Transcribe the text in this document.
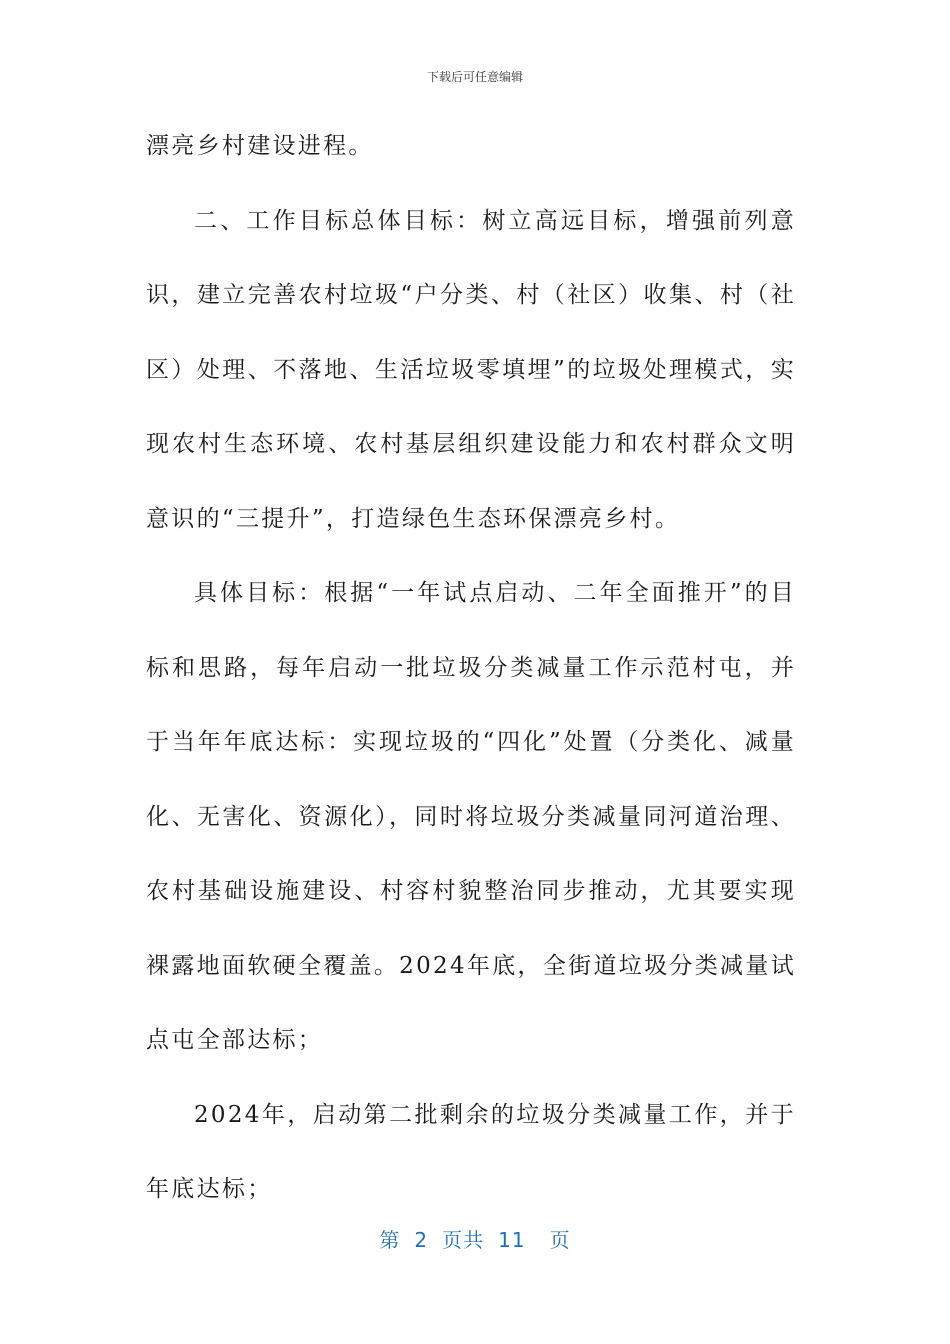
下载后可任意编辑

漂亮乡村建设进程。

二、工作目标总体目标：树立高远目标，增强前列意识，建立完善农村垃圾“户分类、村（社区）收集、村（社区）处理、不落地、生活垃圾零填埋”的垃圾处理模式，实现农村生态环境、农村基层组织建设能力和农村群众文明意识的“三提升”，打造绿色生态环保漂亮乡村。

具体目标：根据“一年试点启动、二年全面推开”的目标和思路，每年启动一批垃圾分类减量工作示范村屯，并于当年年底达标：实现垃圾的“四化”处置（分类化、减量化、无害化、资源化），同时将垃圾分类减量同河道治理、农村基础设施建设、村容村貌整治同步推动，尤其要实现裸露地面软硬全覆盖。2024年底，全街道垃圾分类减量试点屯全部达标；

2024年，启动第二批剩余的垃圾分类减量工作，并于年底达标；

第 2 页共 11 页
